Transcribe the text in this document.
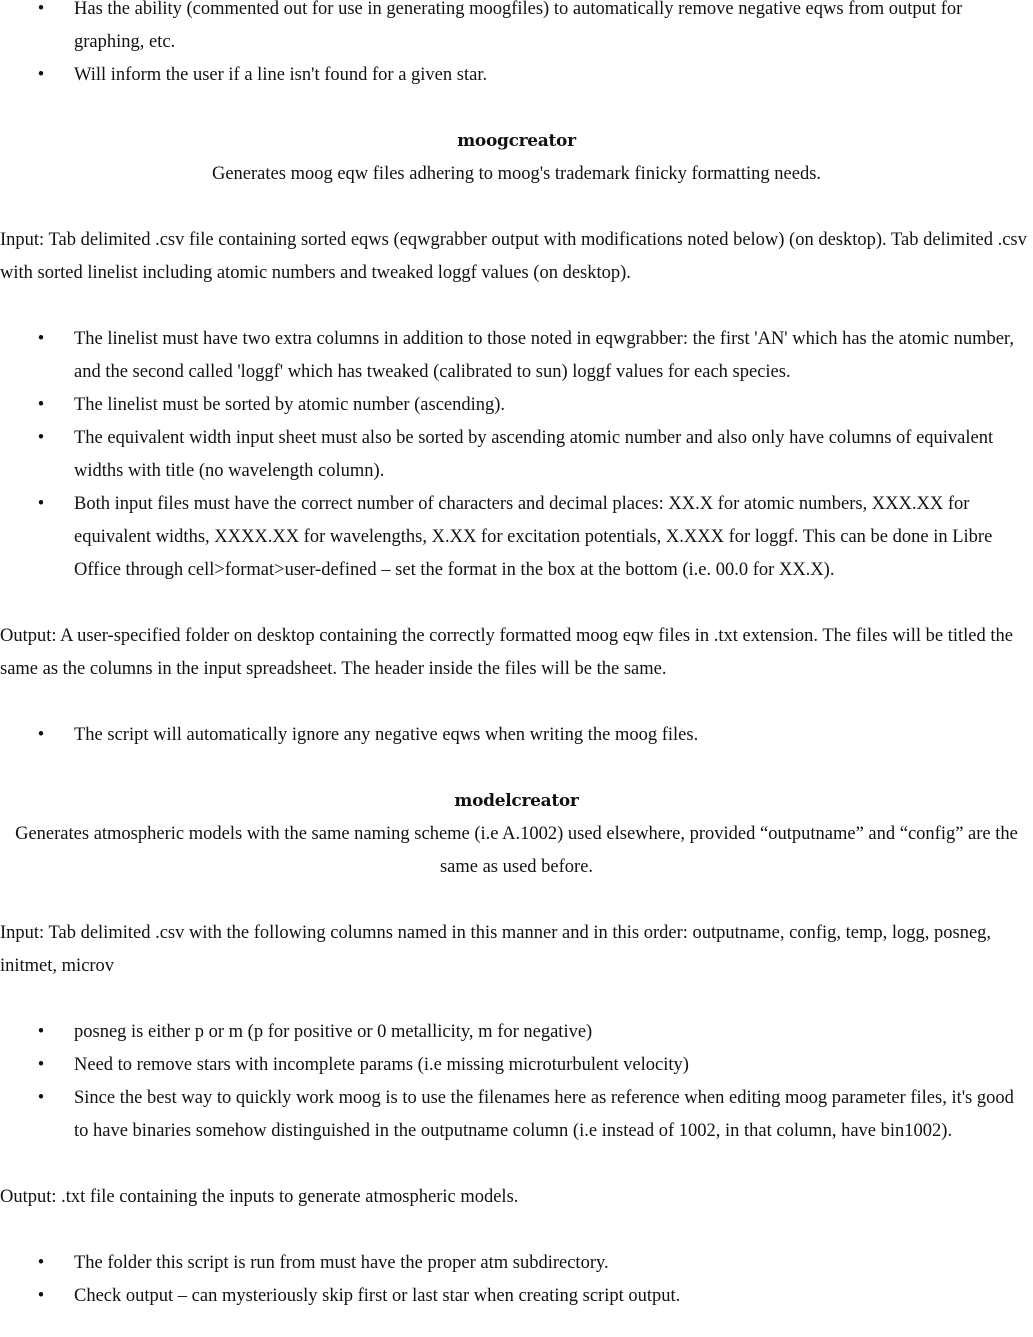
• Has the ability (commented out for use in generating moogfiles) to automatically remove negative eqws from output for graphing, etc.
• Will inform the user if a line isn't found for a given star.

moogcreator

Generates moog eqw files adhering to moog's trademark finicky formatting needs.

Input: Tab delimited .csv file containing sorted eqws (eqwgrabber output with modifications noted below) (on desktop). Tab delimited .csv with sorted linelist including atomic numbers and tweaked loggf values (on desktop).

• The linelist must have two extra columns in addition to those noted in eqwgrabber: the first 'AN' which has the atomic number, and the second called 'loggf' which has tweaked (calibrated to sun) loggf values for each species.
• The linelist must be sorted by atomic number (ascending).
• The equivalent width input sheet must also be sorted by ascending atomic number and also only have columns of equivalent widths with title (no wavelength column).
• Both input files must have the correct number of characters and decimal places: XX.X for atomic numbers, XXX.XX for equivalent widths, XXXX.XX for wavelengths, X.XX for excitation potentials, X.XXX for loggf. This can be done in Libre Office through cell>format>user-defined – set the format in the box at the bottom (i.e. 00.0 for XX.X).

Output: A user-specified folder on desktop containing the correctly formatted moog eqw files in .txt extension. The files will be titled the same as the columns in the input spreadsheet. The header inside the files will be the same.

• The script will automatically ignore any negative eqws when writing the moog files.

modelcreator

Generates atmospheric models with the same naming scheme (i.e A.1002) used elsewhere, provided “outputname” and “config” are the same as used before.

Input: Tab delimited .csv with the following columns named in this manner and in this order: outputname, config, temp, logg, posneg, initmet, microv

• posneg is either p or m (p for positive or 0 metallicity, m for negative)
• Need to remove stars with incomplete params (i.e missing microturbulent velocity)
• Since the best way to quickly work moog is to use the filenames here as reference when editing moog parameter files, it's good to have binaries somehow distinguished in the outputname column (i.e instead of 1002, in that column, have bin1002).

Output: .txt file containing the inputs to generate atmospheric models.

• The folder this script is run from must have the proper atm subdirectory.
• Check output – can mysteriously skip first or last star when creating script output.
